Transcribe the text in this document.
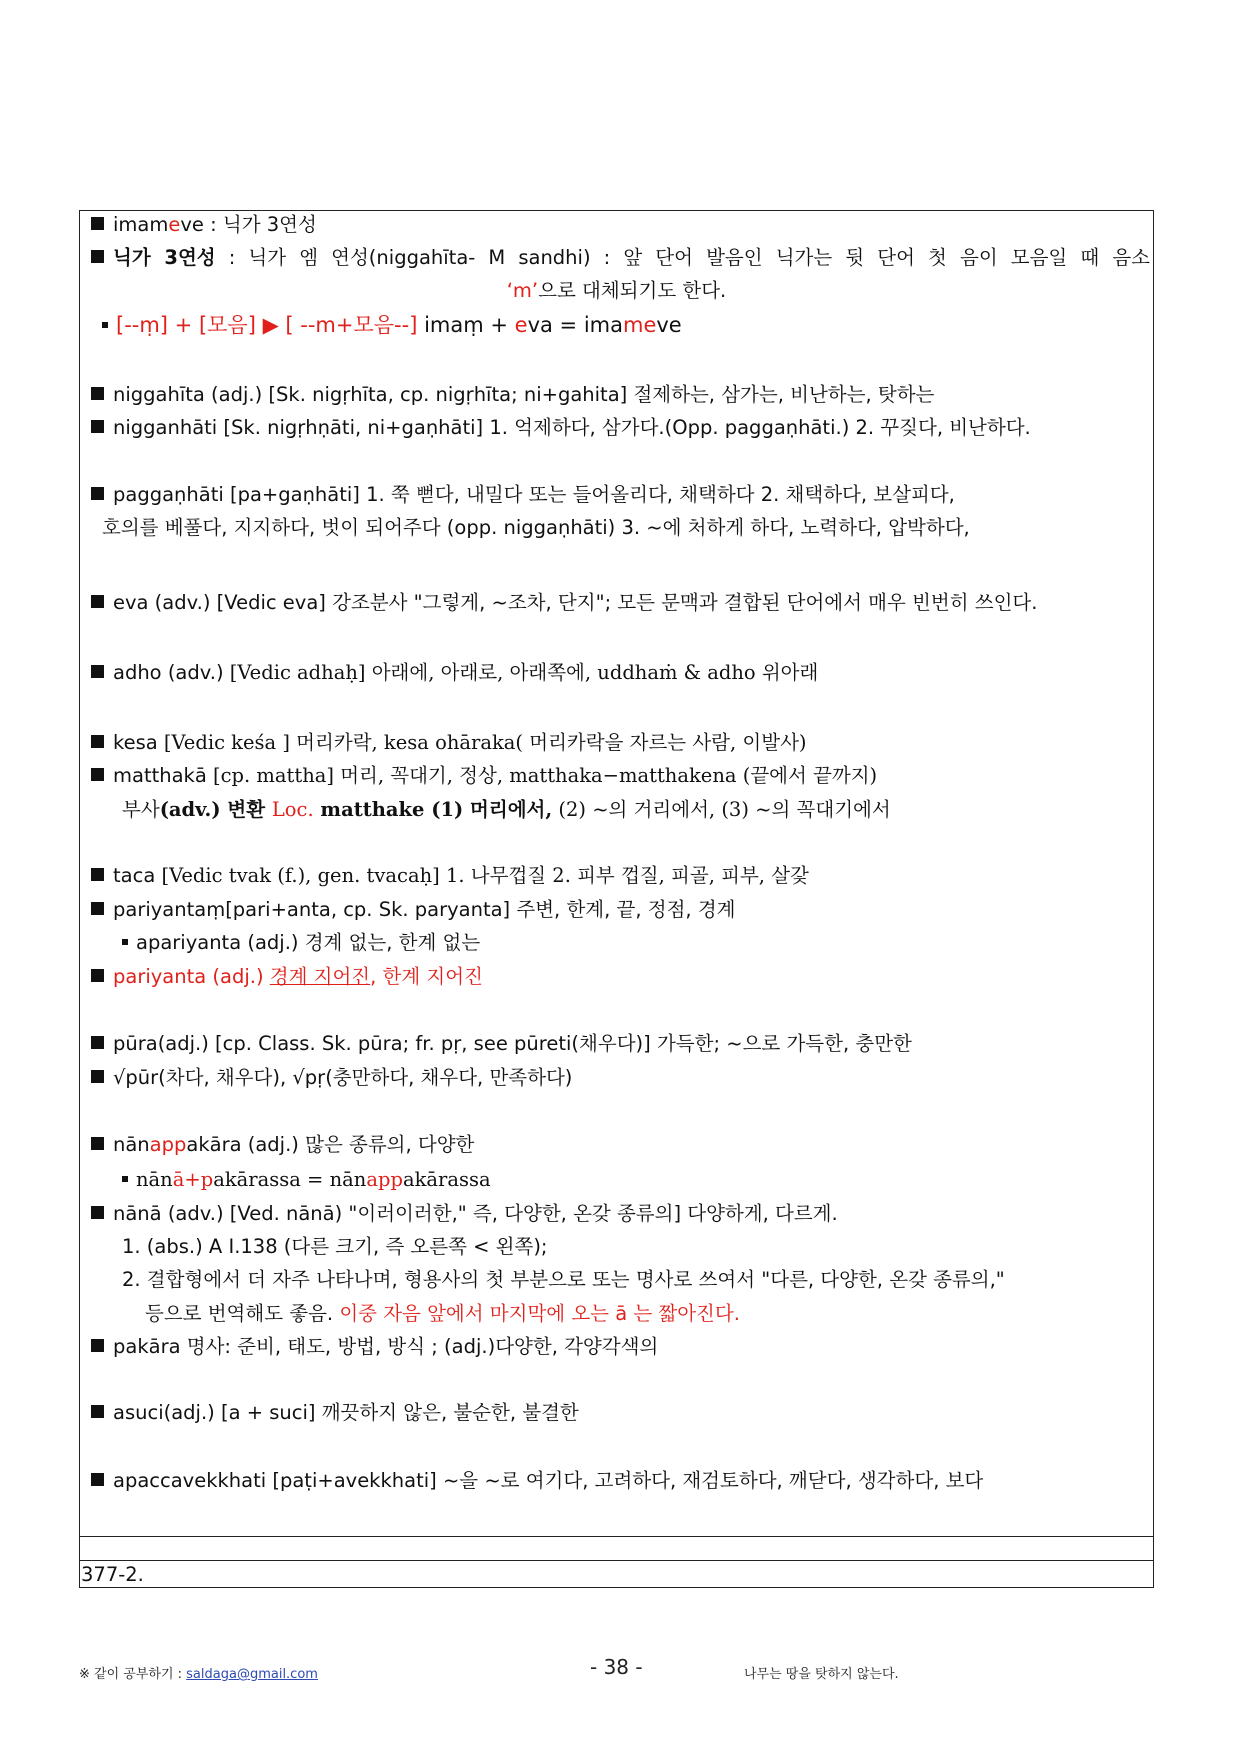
imameve : 닉가 3연성
닉가 3연성 : 닉가 엠 연성(niggahīta- M sandhi) : 앞 단어 발음인 닉가는 뒷 단어 첫 음이 모음일 때 음소
‘m’으로 대체되기도 한다.
[--ṃ] + [모음] ▶ [ --m+모음--] imaṃ + eva = imameve
niggahīta (adj.) [Sk. nigṛhīta, cp. nigṛhīta; ni+gahita] 절제하는, 삼가는, 비난하는, 탓하는
nigganhāti [Sk. nigṛhṇāti, ni+gaṇhāti] 1. 억제하다, 삼가다.(Opp. paggaṇhāti.) 2. 꾸짖다, 비난하다.
paggaṇhāti [pa+gaṇhāti] 1. 쭉 뻗다, 내밀다 또는 들어올리다, 채택하다 2. 채택하다, 보살피다,
호의를 베풀다, 지지하다, 벗이 되어주다 (opp. niggaṇhāti) 3. ~에 처하게 하다, 노력하다, 압박하다,
eva (adv.) [Vedic eva] 강조분사 "그렇게, ~조차, 단지"; 모든 문맥과 결합된 단어에서 매우 빈번히 쓰인다.
adho (adv.) [Vedic adhaḥ] 아래에, 아래로, 아래쪽에, uddhaṁ & adho 위아래
kesa [Vedic keśa ] 머리카락, kesa ohāraka( 머리카락을 자르는 사람, 이발사)
matthakā [cp. mattha] 머리, 꼭대기, 정상, matthaka−matthakena (끝에서 끝까지)
부사(adv.) 변환 Loc. matthake (1) 머리에서, (2) ~의 거리에서, (3) ~의 꼭대기에서
taca [Vedic tvak (f.), gen. tvacaḥ] 1. 나무껍질 2. 피부 껍질, 피골, 피부, 살갗
pariyantaṃ[pari+anta, cp. Sk. paryanta] 주변, 한계, 끝, 정점, 경계
apariyanta (adj.) 경계 없는, 한계 없는
pariyanta (adj.) 경계 지어진, 한계 지어진
pūra(adj.) [cp. Class. Sk. pūra; fr. pṛ, see pūreti(채우다)] 가득한; ~으로 가득한, 충만한
√pūr(차다, 채우다), √pṛ(충만하다, 채우다, 만족하다)
nānappakāra (adj.) 많은 종류의, 다양한
nānā+pakārassa = nānappakārassa
nānā (adv.) [Ved. nānā) "이러이러한," 즉, 다양한, 온갖 종류의] 다양하게, 다르게.
1. (abs.) A I.138 (다른 크기, 즉 오른쪽 < 왼쪽);
2. 결합형에서 더 자주 나타나며, 형용사의 첫 부분으로 또는 명사로 쓰여서 "다른, 다양한, 온갖 종류의,"
등으로 번역해도 좋음. 이중 자음 앞에서 마지막에 오는 ā 는 짧아진다.
pakāra 명사: 준비, 태도, 방법, 방식 ; (adj.)다양한, 각양각색의
asuci(adj.) [a + suci] 깨끗하지 않은, 불순한, 불결한
apaccavekkhati [paṭi+avekkhati] ~을 ~로 여기다, 고려하다, 재검토하다, 깨닫다, 생각하다, 보다
377-2.
※ 같이 공부하기 : saldaga@gmail.com	- 38 -	나무는 땅을 탓하지 않는다.
